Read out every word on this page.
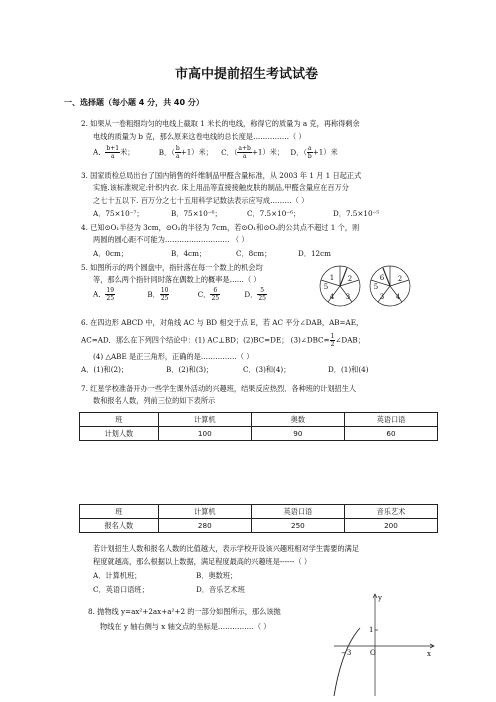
市高中提前招生考试试卷
一、选择题（每小题 4 分，共 40 分）
2. 如果从一卷粗细均匀的电线上截取 1 米长的电线，称得它的质量为 a 克，再称得剩余
电线的质量为 b 克，那么原来这卷电线的总长度是……………（ ）
A． $\frac{b+1}{a}$ 米；	B．（ $\frac{b}{a} +1$）米； C．（ $\frac{a+b}{a} +1$）米； D．（ $\frac{a}{b} +1$）米
3. 国家质检总局出台了国内销售的纤维制品甲醛含量标准，从 2003 年 1 月 1 日起正式
实施.该标准规定:针织内衣. 床上用品等直接接触皮肤的制品,甲醛含量应在百万分
之七十五以下. 百万分之七十五用科学记数法表示应写成………（ ）
A．75×10⁻⁷；	B．75×10⁻⁶；	C．7.5×10⁻⁶；	D．7.5×10⁻⁵
4. 已知⊙O₁半径为 3cm，⊙O₂的半径为 7cm，若⊙O₁和⊙O₂的公共点不超过 1 个，则
两圆的圆心距不可能为……………………… （ ）
A．0cm；	B．4cm；	C．8cm；	D．12cm
5. 如图所示的两个圆盘中，指针落在每一个数上的机会均
等，那么两个指针同时落在偶数上的概率是……（ ）
A． $\frac{19}{25}$	B． $\frac{10}{25}$	C． $\frac{6}{25}$	D． $\frac{5}{25}$
1 2
3
4
5
6 2
4
3
5
6. 在四边形 ABCD 中，对角线 AC 与 BD 相交于点 E，若 AC 平分∠DAB，AB=AE，
AC=AD．那么在下列四个结论中：(1) AC⊥BD；(2)BC=DE； (3)∠DBC= $\frac{1}{2}$ ∠DAB；
(4) △ABE 是正三角形，正确的是……………（ ）
A．(1)和(2)；	B．(2)和(3)；	C．(3)和(4)；	D．(1)和(4)
7. 红星学校准备开办一些学生课外活动的兴趣班，结果反应热烈．各种班的计划招生人
数和报名人数，列前三位的如下表所示
班	计算机	奥数	英语口语
计划人数	100	90	60
班	计算机	英语口语	音乐艺术
报名人数	280	250	200
若计划招生人数和报名人数的比值越大，表示学校开设该兴趣班相对学生需要的满足
程度就越高，那么根据以上数据，满足程度最高的兴趣班是------（ ）
A．计算机班；	B．奥数班；
C．英语口语班；	D．音乐艺术班
8. 抛物线 y=ax²+2ax+a²+2 的一部分如图所示，那么该抛
物线在 y 轴右侧与 x 轴交点的坐标是……………（ ）
y
x
O
−3
1
